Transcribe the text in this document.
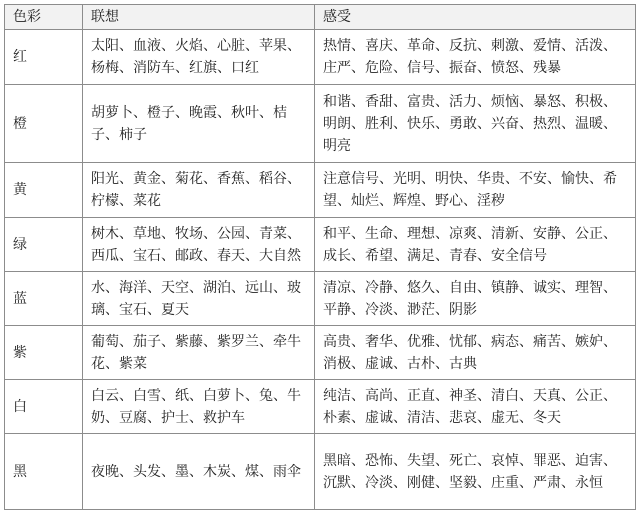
色彩	联想	感受
红	太阳、血液、火焰、心脏、苹果、杨梅、消防车、红旗、口红	热情、喜庆、革命、反抗、刺激、爱情、活泼、庄严、危险、信号、振奋、愤怒、残暴
橙	胡萝卜、橙子、晚霞、秋叶、桔子、柿子	和谐、香甜、富贵、活力、烦恼、暴怒、积极、明朗、胜利、快乐、勇敢、兴奋、热烈、温暖、明亮
黄	阳光、黄金、菊花、香蕉、稻谷、柠檬、菜花	注意信号、光明、明快、华贵、不安、愉快、希望、灿烂、辉煌、野心、淫秽
绿	树木、草地、牧场、公园、青菜、西瓜、宝石、邮政、春天、大自然	和平、生命、理想、凉爽、清新、安静、公正、成长、希望、满足、青春、安全信号
蓝	水、海洋、天空、湖泊、远山、玻璃、宝石、夏天	清凉、冷静、悠久、自由、镇静、诚实、理智、平静、冷淡、渺茫、阴影
紫	葡萄、茄子、紫藤、紫罗兰、牵牛花、紫菜	高贵、奢华、优雅、忧郁、病态、痛苦、嫉妒、消极、虚诚、古朴、古典
白	白云、白雪、纸、白萝卜、兔、牛奶、豆腐、护士、救护车	纯洁、高尚、正直、神圣、清白、天真、公正、朴素、虚诚、清洁、悲哀、虚无、冬天
黑	夜晚、头发、墨、木炭、煤、雨伞	黑暗、恐怖、失望、死亡、哀悼、罪恶、迫害、沉默、冷淡、刚健、坚毅、庄重、严肃、永恒
